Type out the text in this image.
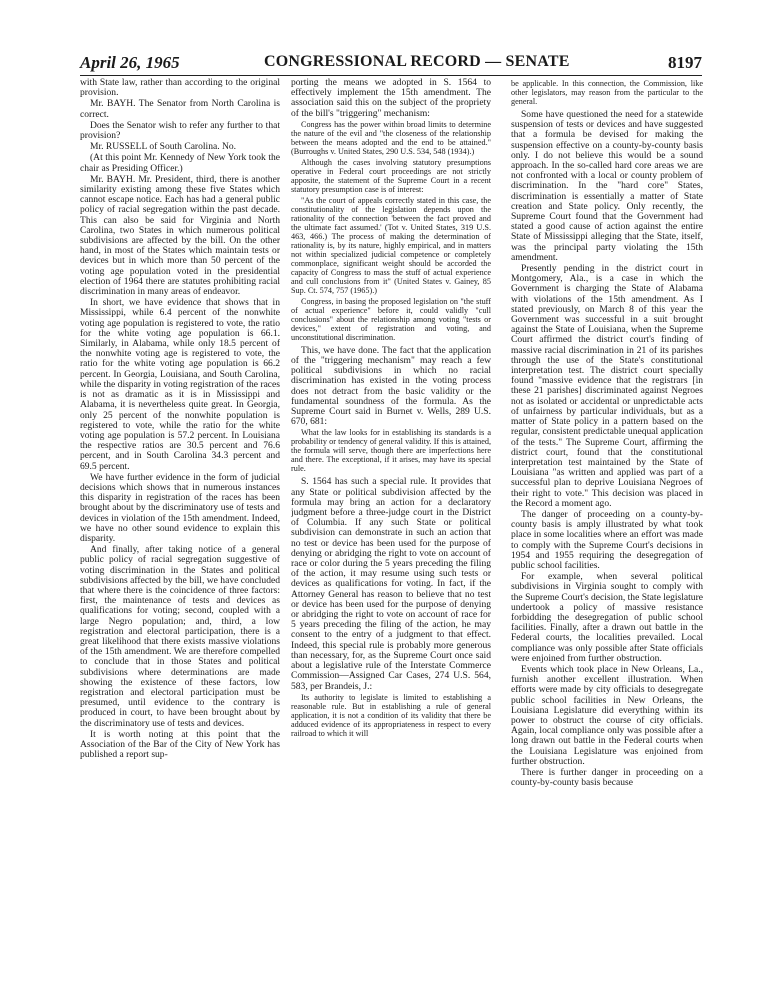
April 26, 1965	CONGRESSIONAL RECORD — SENATE	8197

with State law, rather than according to the original provision.

Mr. BAYH. The Senator from North Carolina is correct.

Does the Senator wish to refer any further to that provision?

Mr. RUSSELL of South Carolina. No.

(At this point Mr. Kennedy of New York took the chair as Presiding Officer.)

Mr. BAYH. Mr. President, third, there is another similarity existing among these five States which cannot escape notice. Each has had a general public policy of racial segregation within the past decade. This can also be said for Virginia and North Carolina, two States in which numerous political subdivisions are affected by the bill. On the other hand, in most of the States which maintain tests or devices but in which more than 50 percent of the voting age population voted in the presidential election of 1964 there are statutes prohibiting racial discrimination in many areas of endeavor.

In short, we have evidence that shows that in Mississippi, while 6.4 percent of the nonwhite voting age population is registered to vote, the ratio for the white voting age population is 66.1. Similarly, in Alabama, while only 18.5 percent of the nonwhite voting age is registered to vote, the ratio for the white voting age population is 66.2 percent. In Georgia, Louisiana, and South Carolina, while the disparity in voting registration of the races is not as dramatic as it is in Mississippi and Alabama, it is nevertheless quite great. In Georgia, only 25 percent of the nonwhite population is registered to vote, while the ratio for the white voting age population is 57.2 percent. In Louisiana the respective ratios are 30.5 percent and 76.6 percent, and in South Carolina 34.3 percent and 69.5 percent.

We have further evidence in the form of judicial decisions which shows that in numerous instances this disparity in registration of the races has been brought about by the discriminatory use of tests and devices in violation of the 15th amendment. Indeed, we have no other sound evidence to explain this disparity.

And finally, after taking notice of a general public policy of racial segregation suggestive of voting discrimination in the States and political subdivisions affected by the bill, we have concluded that where there is the coincidence of three factors: first, the maintenance of tests and devices as qualifications for voting; second, coupled with a large Negro population; and, third, a low registration and electoral participation, there is a great likelihood that there exists massive violations of the 15th amendment. We are therefore compelled to conclude that in those States and political subdivisions where determinations are made showing the existence of these factors, low registration and electoral participation must be presumed, until evidence to the contrary is produced in court, to have been brought about by the discriminatory use of tests and devices.

It is worth noting at this point that the Association of the Bar of the City of New York has published a report sup-

porting the means we adopted in S. 1564 to effectively implement the 15th amendment. The association said this on the subject of the propriety of the bill's "triggering" mechanism:

Congress has the power within broad limits to determine the nature of the evil and "the closeness of the relationship between the means adopted and the end to be attained." (Burroughs v. United States, 290 U.S. 534, 548 (1934).)

Although the cases involving statutory presumptions operative in Federal court proceedings are not strictly apposite, the statement of the Supreme Court in a recent statutory presumption case is of interest:

"As the court of appeals correctly stated in this case, the constitutionality of the legislation depends upon the rationality of the connection 'between the fact proved and the ultimate fact assumed.' (Tot v. United States, 319 U.S. 463, 466.) The process of making the determination of rationality is, by its nature, highly empirical, and in matters not within specialized judicial competence or completely commonplace, significant weight should be accorded the capacity of Congress to mass the stuff of actual experience and cull conclusions from it" (United States v. Gainey, 85 Sup. Ct. 574, 757 (1965).)

Congress, in basing the proposed legislation on "the stuff of actual experience" before it, could validly "cull conclusions" about the relationship among voting "tests or devices," extent of registration and voting, and unconstitutional discrimination.

This, we have done. The fact that the application of the "triggering mechanism" may reach a few political subdivisions in which no racial discrimination has existed in the voting process does not detract from the basic validity or the fundamental soundness of the formula. As the Supreme Court said in Burnet v. Wells, 289 U.S. 670, 681:

What the law looks for in establishing its standards is a probability or tendency of general validity. If this is attained, the formula will serve, though there are imperfections here and there. The exceptional, if it arises, may have its special rule.

S. 1564 has such a special rule. It provides that any State or political subdivision affected by the formula may bring an action for a declaratory judgment before a three-judge court in the District of Columbia. If any such State or political subdivision can demonstrate in such an action that no test or device has been used for the purpose of denying or abridging the right to vote on account of race or color during the 5 years preceding the filing of the action, it may resume using such tests or devices as qualifications for voting. In fact, if the Attorney General has reason to believe that no test or device has been used for the purpose of denying or abridging the right to vote on account of race for 5 years preceding the filing of the action, he may consent to the entry of a judgment to that effect. Indeed, this special rule is probably more generous than necessary, for, as the Supreme Court once said about a legislative rule of the Interstate Commerce Commission—Assigned Car Cases, 274 U.S. 564, 583, per Brandeis, J.:

Its authority to legislate is limited to establishing a reasonable rule. But in establishing a rule of general application, it is not a condition of its validity that there be adduced evidence of its appropriateness in respect to every railroad to which it will

be applicable. In this connection, the Commission, like other legislators, may reason from the particular to the general.

Some have questioned the need for a statewide suspension of tests or devices and have suggested that a formula be devised for making the suspension effective on a county-by-county basis only. I do not believe this would be a sound approach. In the so-called hard core areas we are not confronted with a local or county problem of discrimination. In the "hard core" States, discrimination is essentially a matter of State creation and State policy. Only recently, the Supreme Court found that the Government had stated a good cause of action against the entire State of Mississippi alleging that the State, itself, was the principal party violating the 15th amendment.

Presently pending in the district court in Montgomery, Ala., is a case in which the Government is charging the State of Alabama with violations of the 15th amendment. As I stated previously, on March 8 of this year the Government was successful in a suit brought against the State of Louisiana, when the Supreme Court affirmed the district court's finding of massive racial discrimination in 21 of its parishes through the use of the State's constitutional interpretation test. The district court specially found "massive evidence that the registrars [in these 21 parishes] discriminated against Negroes not as isolated or accidental or unpredictable acts of unfairness by particular individuals, but as a matter of State policy in a pattern based on the regular, consistent predictable unequal application of the tests." The Supreme Court, affirming the district court, found that the constitutional interpretation test maintained by the State of Louisiana "as written and applied was part of a successful plan to deprive Louisiana Negroes of their right to vote." This decision was placed in the Record a moment ago.

The danger of proceeding on a county-by-county basis is amply illustrated by what took place in some localities where an effort was made to comply with the Supreme Court's decisions in 1954 and 1955 requiring the desegregation of public school facilities.

For example, when several political subdivisions in Virginia sought to comply with the Supreme Court's decision, the State legislature undertook a policy of massive resistance forbidding the desegregation of public school facilities. Finally, after a drawn out battle in the Federal courts, the localities prevailed. Local compliance was only possible after State officials were enjoined from further obstruction.

Events which took place in New Orleans, La., furnish another excellent illustration. When efforts were made by city officials to desegregate public school facilities in New Orleans, the Louisiana Legislature did everything within its power to obstruct the course of city officials. Again, local compliance only was possible after a long drawn out battle in the Federal courts when the Louisiana Legislature was enjoined from further obstruction.

There is further danger in proceeding on a county-by-county basis because
